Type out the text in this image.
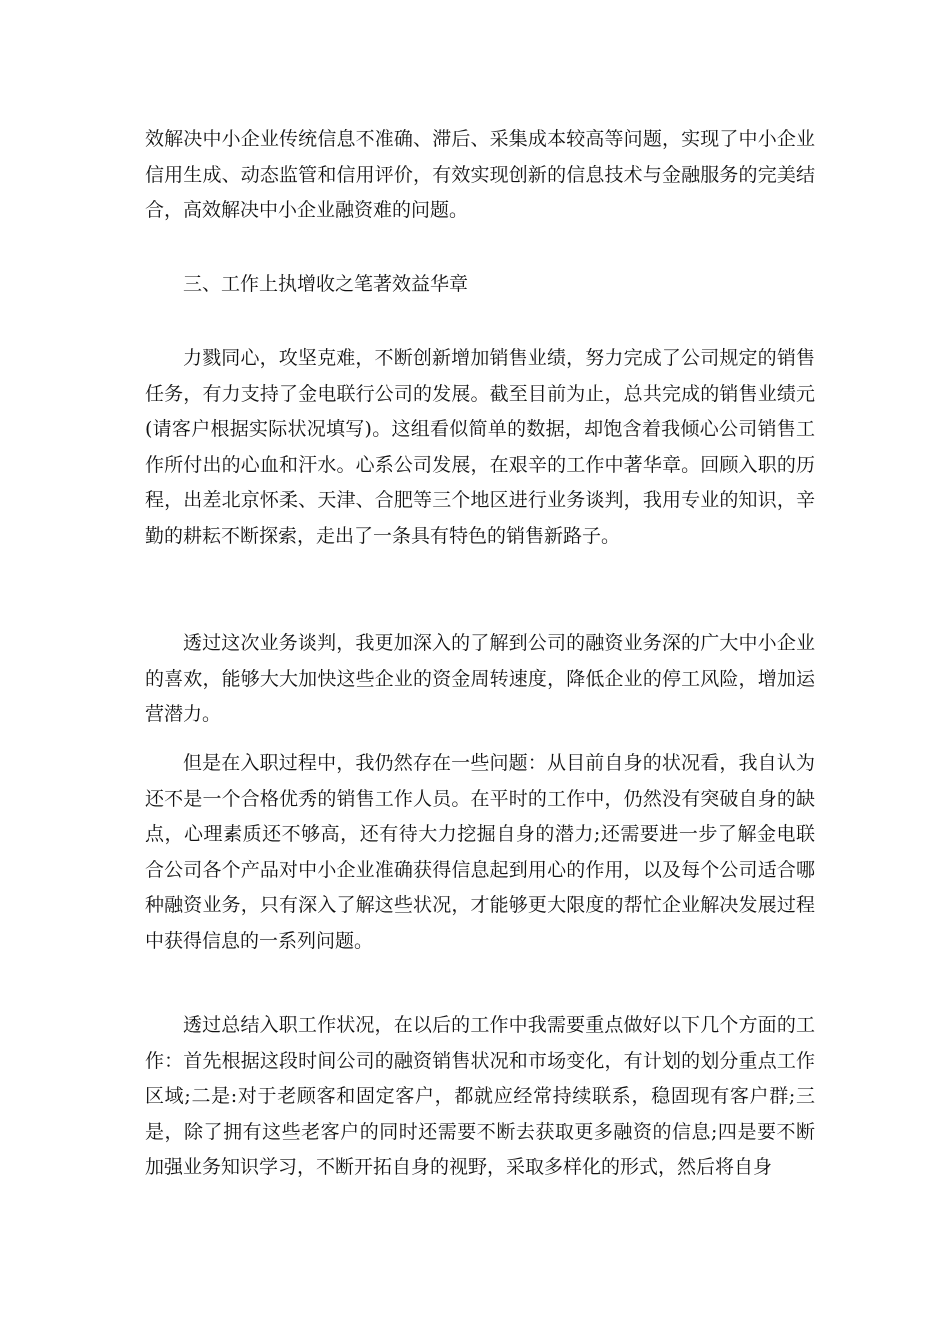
效解决中小企业传统信息不准确、滞后、采集成本较高等问题，实现了中小企业信用生成、动态监管和信用评价，有效实现创新的信息技术与金融服务的完美结合，高效解决中小企业融资难的问题。

三、工作上执增收之笔著效益华章

力戮同心，攻坚克难，不断创新增加销售业绩，努力完成了公司规定的销售任务，有力支持了金电联行公司的发展。截至目前为止，总共完成的销售业绩元(请客户根据实际状况填写)。这组看似简单的数据，却饱含着我倾心公司销售工作所付出的心血和汗水。心系公司发展，在艰辛的工作中著华章。回顾入职的历程，出差北京怀柔、天津、合肥等三个地区进行业务谈判，我用专业的知识，辛勤的耕耘不断探索，走出了一条具有特色的销售新路子。

透过这次业务谈判，我更加深入的了解到公司的融资业务深的广大中小企业的喜欢，能够大大加快这些企业的资金周转速度，降低企业的停工风险，增加运营潜力。

但是在入职过程中，我仍然存在一些问题：从目前自身的状况看，我自认为还不是一个合格优秀的销售工作人员。在平时的工作中，仍然没有突破自身的缺点，心理素质还不够高，还有待大力挖掘自身的潜力;还需要进一步了解金电联合公司各个产品对中小企业准确获得信息起到用心的作用，以及每个公司适合哪种融资业务，只有深入了解这些状况，才能够更大限度的帮忙企业解决发展过程中获得信息的一系列问题。

透过总结入职工作状况，在以后的工作中我需要重点做好以下几个方面的工作：首先根据这段时间公司的融资销售状况和市场变化，有计划的划分重点工作区域;二是:对于老顾客和固定客户，都就应经常持续联系，稳固现有客户群;三是，除了拥有这些老客户的同时还需要不断去获取更多融资的信息;四是要不断加强业务知识学习，不断开拓自身的视野，采取多样化的形式，然后将自身
